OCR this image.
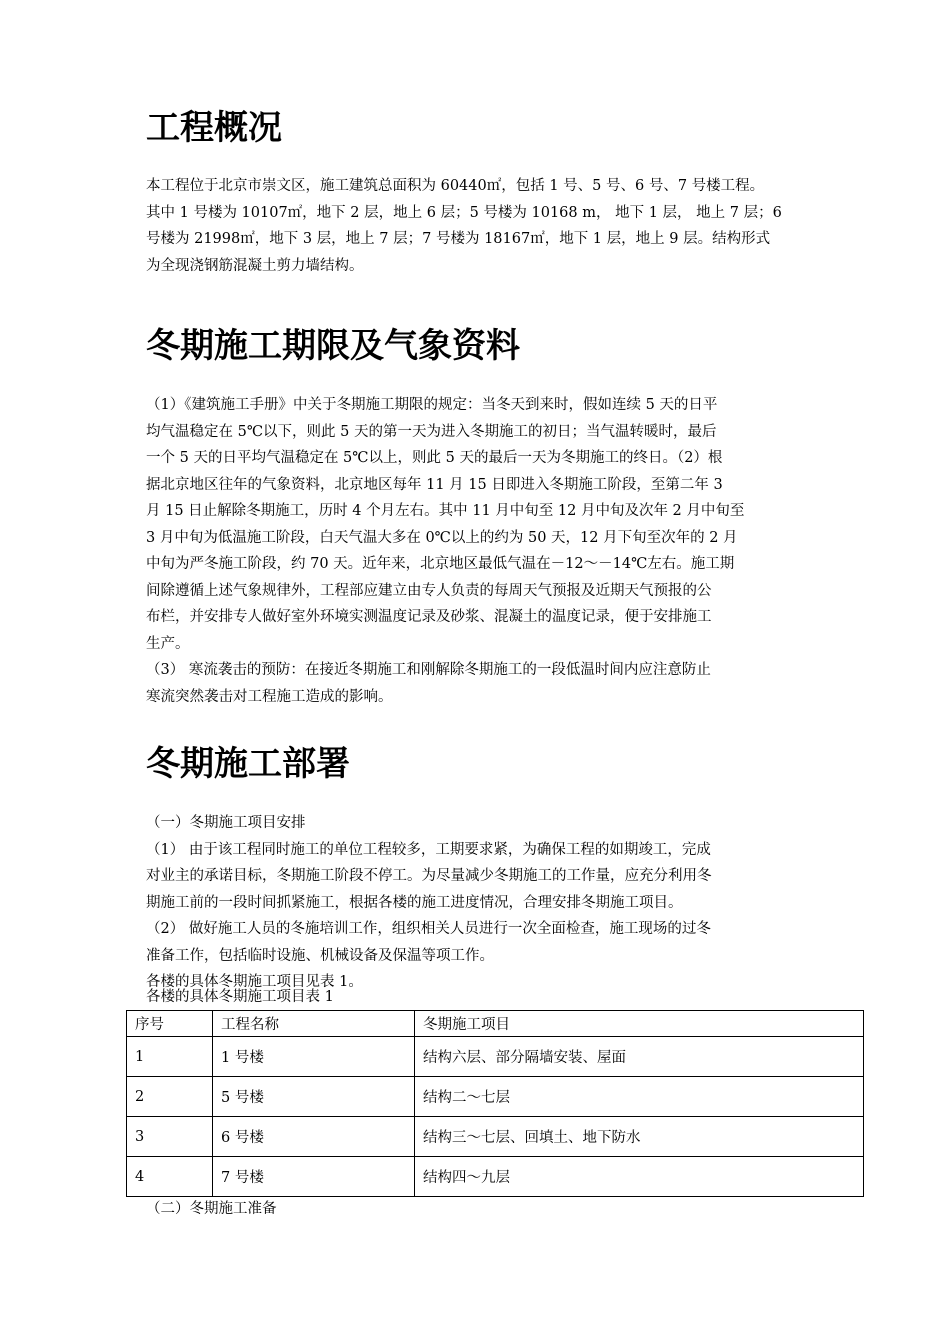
工程概况
本工程位于北京市崇文区，施工建筑总面积为 60440㎡，包括 1 号、5 号、6 号、7 号楼工程。
其中 1 号楼为 10107㎡，地下 2 层，地上 6 层；5 号楼为 10168 m， 地下 1 层， 地上 7 层；6
号楼为 21998㎡，地下 3 层，地上 7 层；7 号楼为 18167㎡，地下 1 层，地上 9 层。结构形式
为全现浇钢筋混凝土剪力墙结构。
冬期施工期限及气象资料
（1）《建筑施工手册》中关于冬期施工期限的规定：当冬天到来时，假如连续 5 天的日平
均气温稳定在 5℃以下，则此 5 天的第一天为进入冬期施工的初日；当气温转暖时，最后
一个 5 天的日平均气温稳定在 5℃以上，则此 5 天的最后一天为冬期施工的终日。（2）根
据北京地区往年的气象资料，北京地区每年 11 月 15 日即进入冬期施工阶段，至第二年 3
月 15 日止解除冬期施工，历时 4 个月左右。其中 11 月中旬至 12 月中旬及次年 2 月中旬至
3 月中旬为低温施工阶段，白天气温大多在 0℃以上的约为 50 天，12 月下旬至次年的 2 月
中旬为严冬施工阶段，约 70 天。近年来，北京地区最低气温在－12～－14℃左右。施工期
间除遵循上述气象规律外，工程部应建立由专人负责的每周天气预报及近期天气预报的公
布栏，并安排专人做好室外环境实测温度记录及砂浆、混凝土的温度记录，便于安排施工
生产。
（3） 寒流袭击的预防：在接近冬期施工和刚解除冬期施工的一段低温时间内应注意防止
寒流突然袭击对工程施工造成的影响。
冬期施工部署
（一）冬期施工项目安排
（1） 由于该工程同时施工的单位工程较多，工期要求紧，为确保工程的如期竣工，完成
对业主的承诺目标，冬期施工阶段不停工。为尽量减少冬期施工的工作量，应充分利用冬
期施工前的一段时间抓紧施工，根据各楼的施工进度情况，合理安排冬期施工项目。
（2） 做好施工人员的冬施培训工作，组织相关人员进行一次全面检查，施工现场的过冬
准备工作，包括临时设施、机械设备及保温等项工作。
各楼的具体冬期施工项目见表 1。
各楼的具体冬期施工项目表 1
序号	工程名称	冬期施工项目
1	1 号楼	结构六层、部分隔墙安装、屋面
2	5 号楼	结构二～七层
3	6 号楼	结构三～七层、回填土、地下防水
4	7 号楼	结构四～九层
（二）冬期施工准备
